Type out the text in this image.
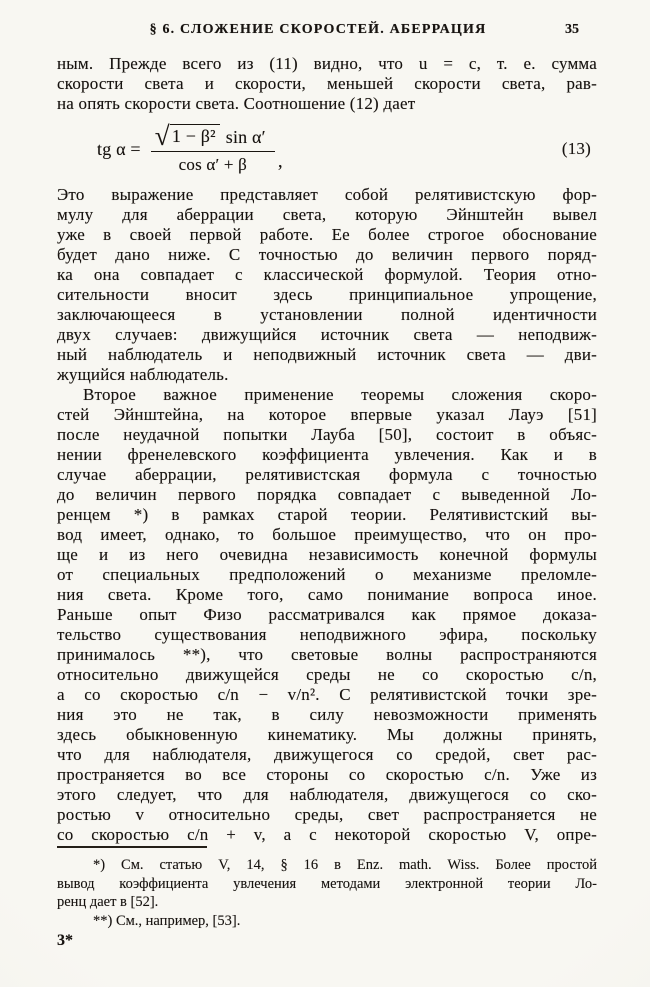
§ 6. СЛОЖЕНИЕ СКОРОСТЕЙ. АБЕРРАЦИЯ	35
ным. Прежде всего из (11) видно, что u = c, т. е. сумма
скорости света и скорости, меньшей скорости света, рав-
на опять скорости света. Соотношение (12) дает
tg $\alpha = \frac{\text{√ 1 − β² sin α′}}{\text{cos α′ + β}}$ ,
(13)
Это выражение представляет собой релятивистскую фор-
мулу для аберрации света, которую Эйнштейн вывел
уже в своей первой работе. Ее более строгое обоснование
будет дано ниже. С точностью до величин первого поряд-
ка она совпадает с классической формулой. Теория отно-
сительности вносит здесь принципиальное упрощение,
заключающееся в установлении полной идентичности
двух случаев: движущийся источник света — неподвиж-
ный наблюдатель и неподвижный источник света — дви-
жущийся наблюдатель.
Второе важное применение теоремы сложения скоро-
стей Эйнштейна, на которое впервые указал Лауэ [51]
после неудачной попытки Лауба [50], состоит в объяс-
нении френелевского коэффициента увлечения. Как и в
случае аберрации, релятивистская формула с точностью
до величин первого порядка совпадает с выведенной Ло-
ренцем *) в рамках старой теории. Релятивистский вы-
вод имеет, однако, то большое преимущество, что он про-
ще и из него очевидна независимость конечной формулы
от специальных предположений о механизме преломле-
ния света. Кроме того, само понимание вопроса иное.
Раньше опыт Физо рассматривался как прямое доказа-
тельство существования неподвижного эфира, поскольку
принималось **), что световые волны распространяются
относительно движущейся среды не со скоростью c/n,
а со скоростью c/n − v/n². С релятивистской точки зре-
ния это не так, в силу невозможности применять
здесь обыкновенную кинематику. Мы должны принять,
что для наблюдателя, движущегося со средой, свет рас-
пространяется во все стороны со скоростью c/n. Уже из
этого следует, что для наблюдателя, движущегося со ско-
ростью v относительно среды, свет распространяется не
со скоростью c/n + v, а с некоторой скоростью V, опре-
*) См. статью V, 14, § 16 в Enz. math. Wiss. Более простой
вывод коэффициента увлечения методами электронной теории Ло-
ренц дает в [52].
**) См., например, [53].
3*
